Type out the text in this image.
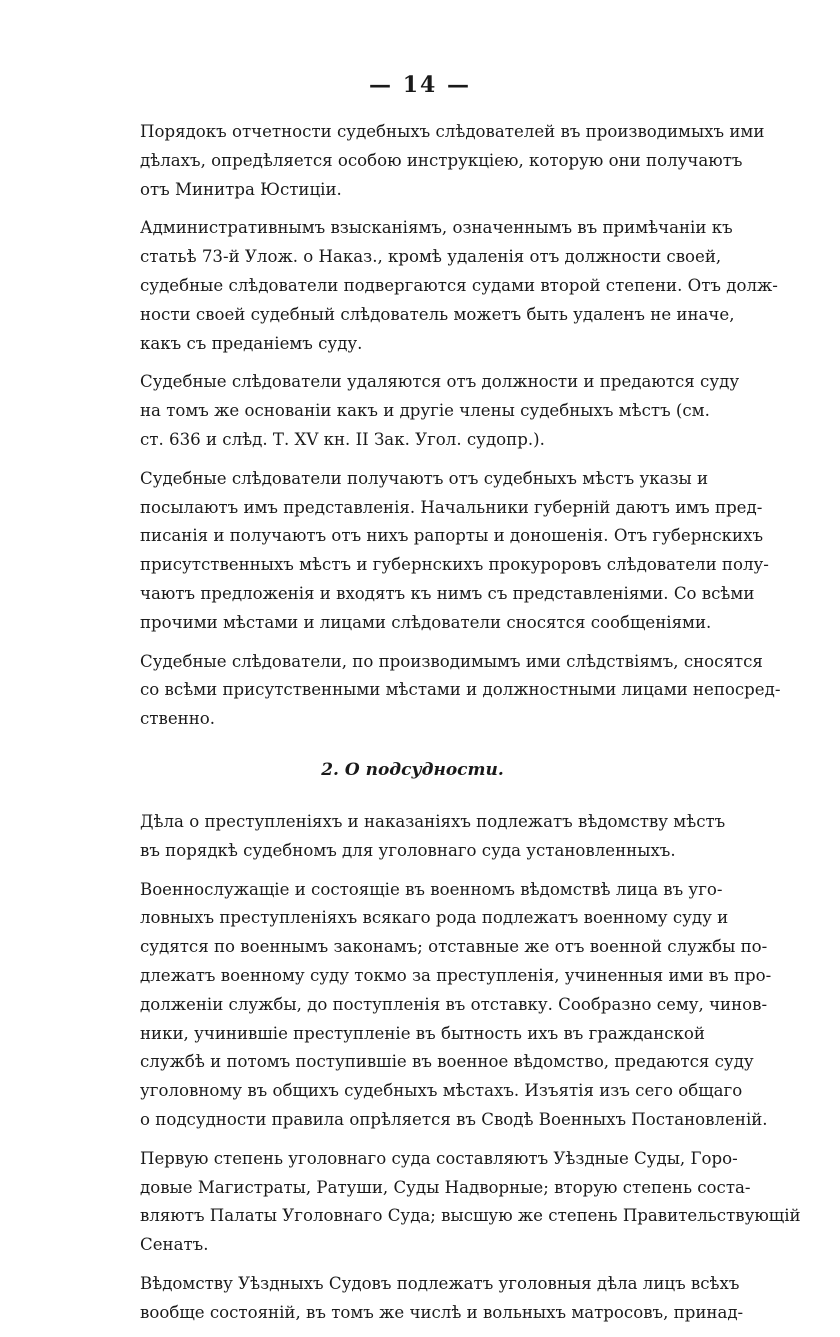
— 14 —
Порядокъ отчетности судебныхъ слѣдователей въ производимыхъ ими
дѣлахъ, опредѣляется особою инструкціею, которую они получаютъ
отъ Минитра Юстиціи.
Административнымъ взысканіямъ, означеннымъ въ примѣчаніи къ
статьѣ 73-й Улож. о Наказ., кромѣ удаленія отъ должности своей,
судебные слѣдователи подвергаются судами второй степени. Отъ долж-
ности своей судебный слѣдователь можетъ быть удаленъ не иначе,
какъ съ преданіемъ суду.
Судебные слѣдователи удаляются отъ должности и предаются суду
на томъ же основаніи какъ и другіе члены судебныхъ мѣстъ (см.
ст. 636 и слѣд. Т. XV кн. II Зак. Угол. судопр.).
Судебные слѣдователи получаютъ отъ судебныхъ мѣстъ указы и
посылаютъ имъ представленія. Начальники губерній даютъ имъ пред-
писанія и получаютъ отъ нихъ рапорты и доношенія. Отъ губернскихъ
присутственныхъ мѣстъ и губернскихъ прокуроровъ слѣдователи полу-
чаютъ предложенія и входятъ къ нимъ съ представленіями. Со всѣми
прочими мѣстами и лицами слѣдователи сносятся сообщеніями.
Судебные слѣдователи, по производимымъ ими слѣдствіямъ, сносятся
со всѣми присутственными мѣстами и должностными лицами непосред-
ственно.
2. О подсудности.
Дѣла о преступленіяхъ и наказаніяхъ подлежатъ вѣдомству мѣстъ
въ порядкѣ судебномъ для уголовнаго суда установленныхъ.
Военнослужащіе и состоящіе въ военномъ вѣдомствѣ лица въ уго-
ловныхъ преступленіяхъ всякаго рода подлежатъ военному суду и
судятся по военнымъ законамъ; отставные же отъ военной службы по-
длежатъ военному суду токмо за преступленія, учиненныя ими въ про-
долженіи службы, до поступленія въ отставку. Сообразно сему, чинов-
ники, учинившіе преступленіе въ бытность ихъ въ гражданской
службѣ и потомъ поступившіе въ военное вѣдомство, предаются суду
уголовному въ общихъ судебныхъ мѣстахъ. Изъятія изъ сего общаго
о подсудности правила опрѣляется въ Сводѣ Военныхъ Постановленій.
Первую степень уголовнаго суда составляютъ Уѣздные Суды, Горо-
довые Магистраты, Ратуши, Суды Надворные; вторую степень соста-
вляютъ Палаты Уголовнаго Суда; высшую же степень Правительствующій
Сенатъ.
Вѣдомству Уѣздныхъ Судовъ подлежатъ уголовныя дѣла лицъ всѣхъ
вообще состояній, въ томъ же числѣ и вольныхъ матросовъ, принад-
